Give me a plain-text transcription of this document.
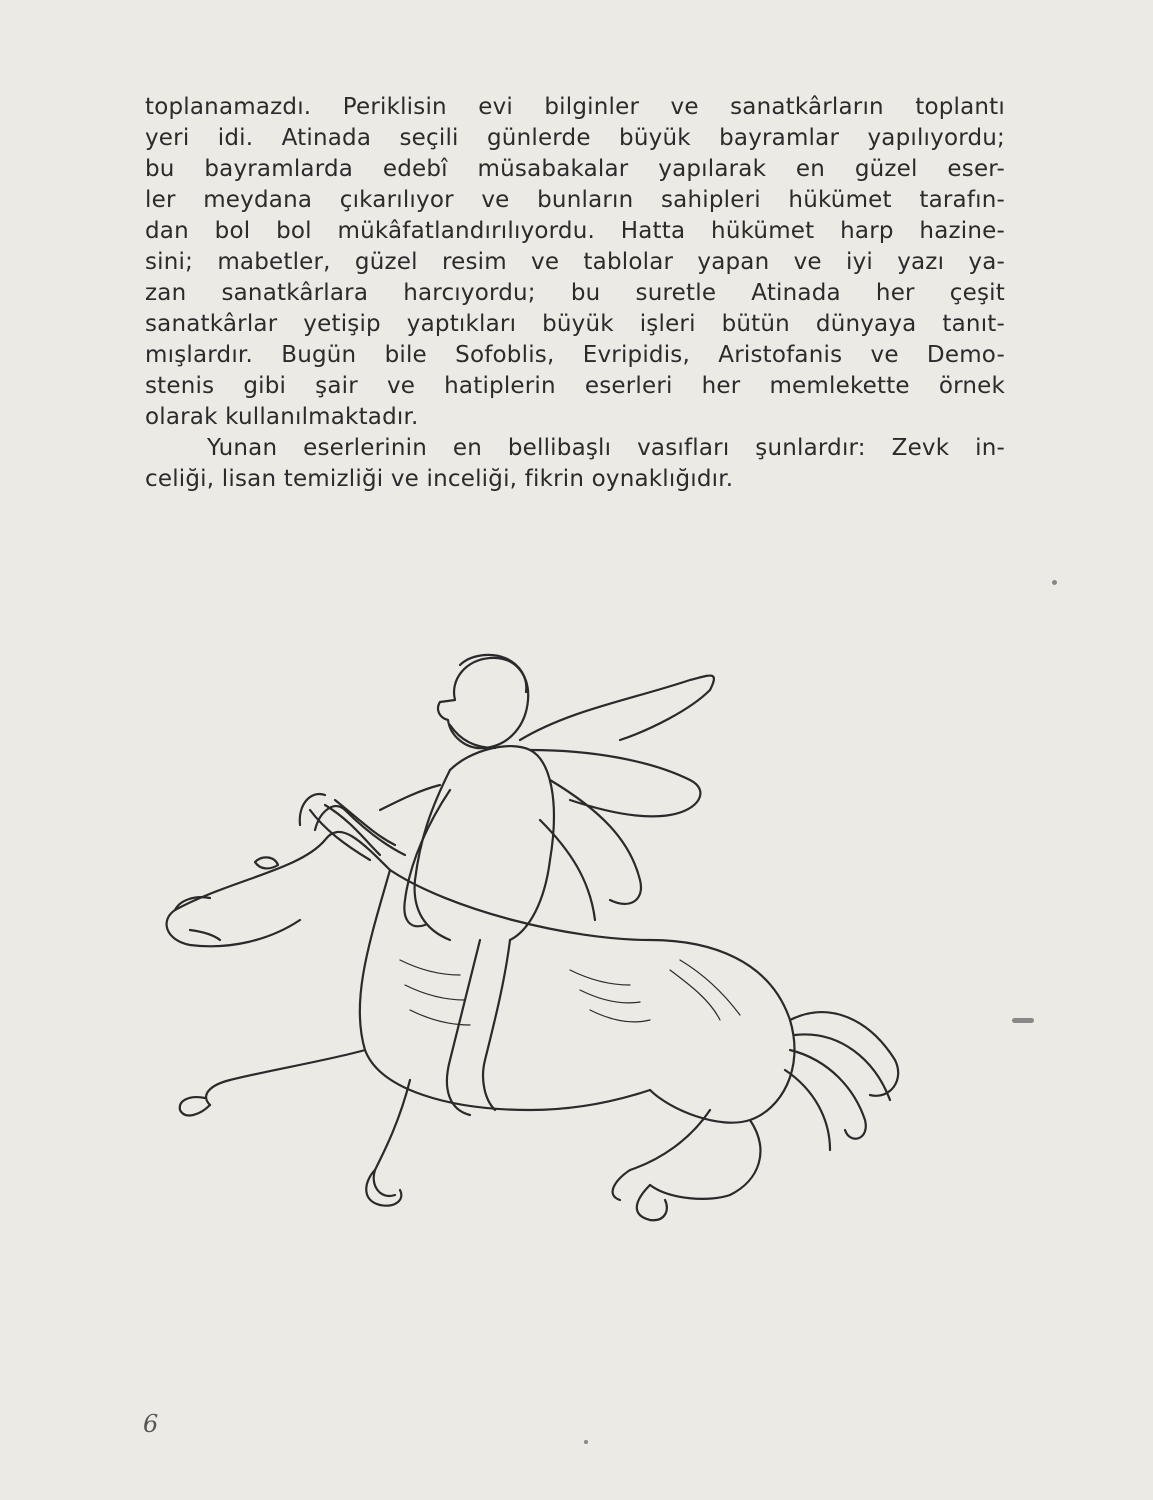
toplanamazdı. Periklisin evi bilginler ve sanatkârların toplantı
yeri idi. Atinada seçili günlerde büyük bayramlar yapılıyordu;
bu bayramlarda edebî müsabakalar yapılarak en güzel eser-
ler meydana çıkarılıyor ve bunların sahipleri hükümet tarafın-
dan bol bol mükâfatlandırılıyordu. Hatta hükümet harp hazine-
sini; mabetler, güzel resim ve tablolar yapan ve iyi yazı ya-
zan sanatkârlara harcıyordu; bu suretle Atinada her çeşit
sanatkârlar yetişip yaptıkları büyük işleri bütün dünyaya tanıt-
mışlardır. Bugün bile Sofoblis, Evripidis, Aristofanis ve Demo-
stenis gibi şair ve hatiplerin eserleri her memlekette örnek
olarak kullanılmaktadır.
Yunan eserlerinin en bellibaşlı vasıfları şunlardır: Zevk in-
celiği, lisan temizliği ve inceliği, fikrin oynaklığıdır.
6
